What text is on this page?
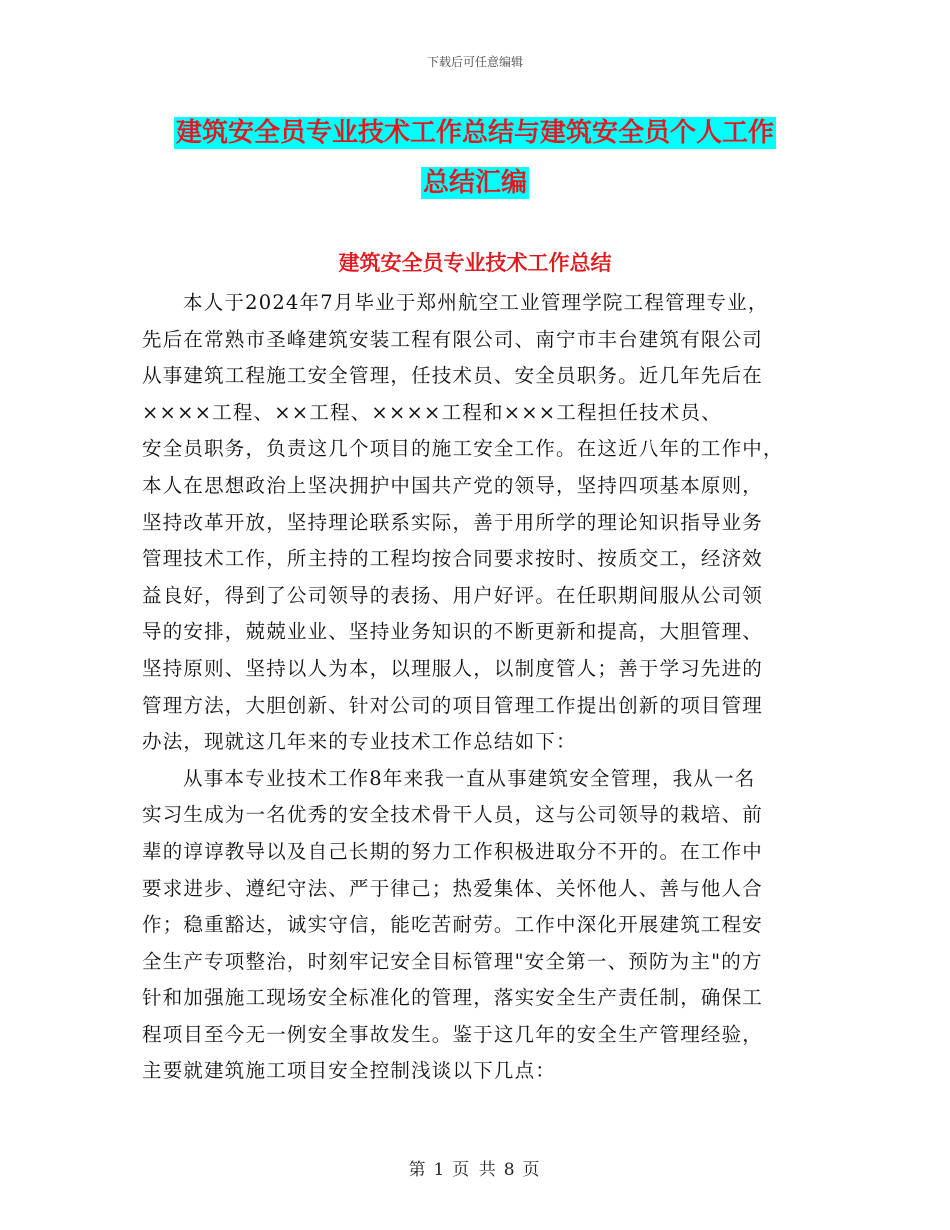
下载后可任意编辑
建筑安全员专业技术工作总结与建筑安全员个人工作
总结汇编
建筑安全员专业技术工作总结
本人于2024年7月毕业于郑州航空工业管理学院工程管理专业，
先后在常熟市圣峰建筑安装工程有限公司、南宁市丰台建筑有限公司
从事建筑工程施工安全管理，任技术员、安全员职务。近几年先后在
××××工程、××工程、××××工程和×××工程担任技术员、
安全员职务，负责这几个项目的施工安全工作。在这近八年的工作中，
本人在思想政治上坚决拥护中国共产党的领导，坚持四项基本原则，
坚持改革开放，坚持理论联系实际，善于用所学的理论知识指导业务
管理技术工作，所主持的工程均按合同要求按时、按质交工，经济效
益良好，得到了公司领导的表扬、用户好评。在任职期间服从公司领
导的安排，兢兢业业、坚持业务知识的不断更新和提高，大胆管理、
坚持原则、坚持以人为本，以理服人，以制度管人；善于学习先进的
管理方法，大胆创新、针对公司的项目管理工作提出创新的项目管理
办法，现就这几年来的专业技术工作总结如下：
从事本专业技术工作8年来我一直从事建筑安全管理，我从一名
实习生成为一名优秀的安全技术骨干人员，这与公司领导的栽培、前
辈的谆谆教导以及自己长期的努力工作积极进取分不开的。在工作中
要求进步、遵纪守法、严于律己；热爱集体、关怀他人、善与他人合
作；稳重豁达，诚实守信，能吃苦耐劳。工作中深化开展建筑工程安
全生产专项整治，时刻牢记安全目标管理"安全第一、预防为主"的方
针和加强施工现场安全标准化的管理，落实安全生产责任制，确保工
程项目至今无一例安全事故发生。鉴于这几年的安全生产管理经验，
主要就建筑施工项目安全控制浅谈以下几点：
第 1 页 共 8 页
